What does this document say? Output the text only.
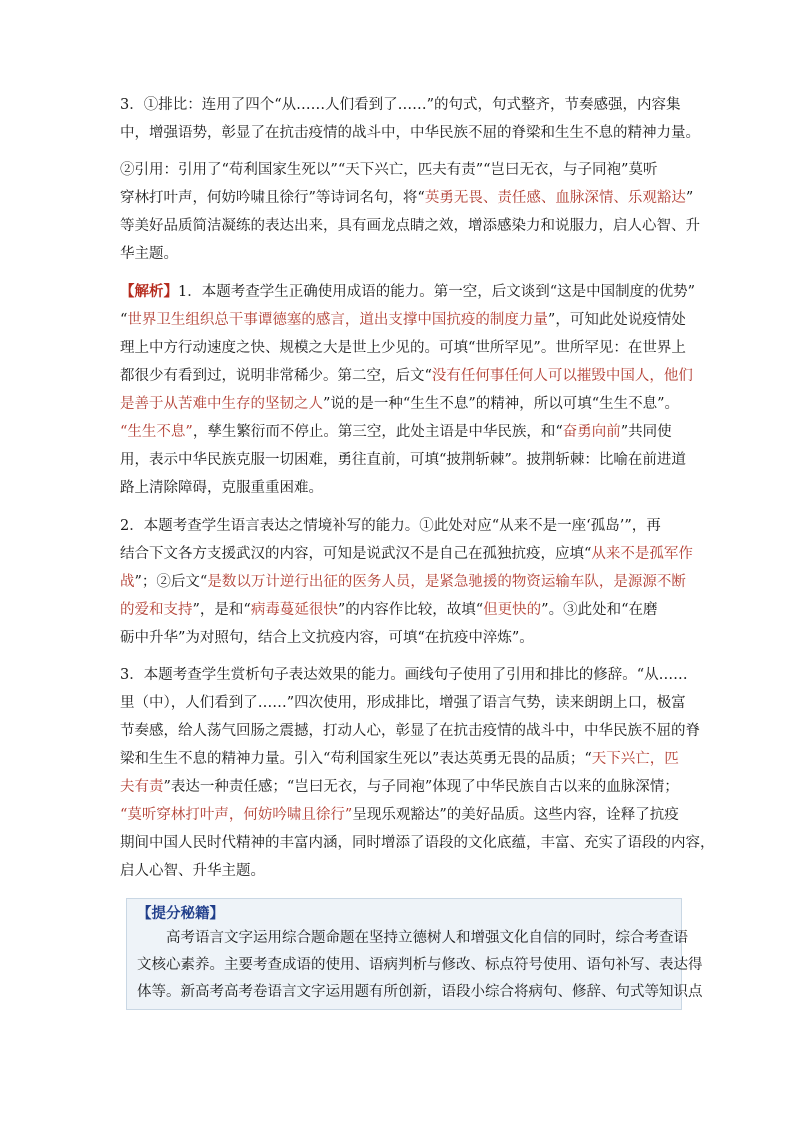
3．①排比：连用了四个“从……人们看到了……”的句式，句式整齐，节奏感强，内容集
中，增强语势，彰显了在抗击疫情的战斗中，中华民族不屈的脊梁和生生不息的精神力量。
②引用：引用了“苟利国家生死以”“天下兴亡，匹夫有责”“岂曰无衣，与子同袍”莫听
穿林打叶声，何妨吟啸且徐行”等诗词名句，将“英勇无畏、责任感、血脉深情、乐观豁达”
等美好品质简洁凝练的表达出来，具有画龙点睛之效，增添感染力和说服力，启人心智、升
华主题。
【解析】1．本题考查学生正确使用成语的能力。第一空，后文谈到“这是中国制度的优势”
“世界卫生组织总干事谭德塞的感言，道出支撑中国抗疫的制度力量”，可知此处说疫情处
理上中方行动速度之快、规模之大是世上少见的。可填“世所罕见”。世所罕见：在世界上
都很少有看到过，说明非常稀少。第二空，后文“没有任何事任何人可以摧毁中国人，他们
是善于从苦难中生存的坚韧之人”说的是一种“生生不息”的精神，所以可填“生生不息”。
“生生不息”，孳生繁衍而不停止。第三空，此处主语是中华民族，和“奋勇向前”共同使
用，表示中华民族克服一切困难，勇往直前，可填“披荆斩棘”。披荆斩棘：比喻在前进道
路上清除障碍，克服重重困难。
2．本题考查学生语言表达之情境补写的能力。①此处对应“从来不是一座‘孤岛’”，再
结合下文各方支援武汉的内容，可知是说武汉不是自己在孤独抗疫，应填“从来不是孤军作
战”；②后文“是数以万计逆行出征的医务人员，是紧急驰援的物资运输车队，是源源不断
的爱和支持”，是和“病毒蔓延很快”的内容作比较，故填“但更快的”。③此处和“在磨
砺中升华”为对照句，结合上文抗疫内容，可填“在抗疫中淬炼”。
3．本题考查学生赏析句子表达效果的能力。画线句子使用了引用和排比的修辞。“从……
里（中），人们看到了……”四次使用，形成排比，增强了语言气势，读来朗朗上口，极富
节奏感，给人荡气回肠之震撼，打动人心，彰显了在抗击疫情的战斗中，中华民族不屈的脊
梁和生生不息的精神力量。引入“苟利国家生死以”表达英勇无畏的品质；“天下兴亡，匹
夫有责”表达一种责任感；“岂曰无衣，与子同袍”体现了中华民族自古以来的血脉深情；
“莫听穿林打叶声，何妨吟啸且徐行”呈现乐观豁达”的美好品质。这些内容，诠释了抗疫
期间中国人民时代精神的丰富内涵，同时增添了语段的文化底蕴，丰富、充实了语段的内容，
启人心智、升华主题。
【提分秘籍】
高考语言文字运用综合题命题在坚持立德树人和增强文化自信的同时，综合考查语
文核心素养。主要考查成语的使用、语病判析与修改、标点符号使用、语句补写、表达得
体等。新高考高考卷语言文字运用题有所创新，语段小综合将病句、修辞、句式等知识点
